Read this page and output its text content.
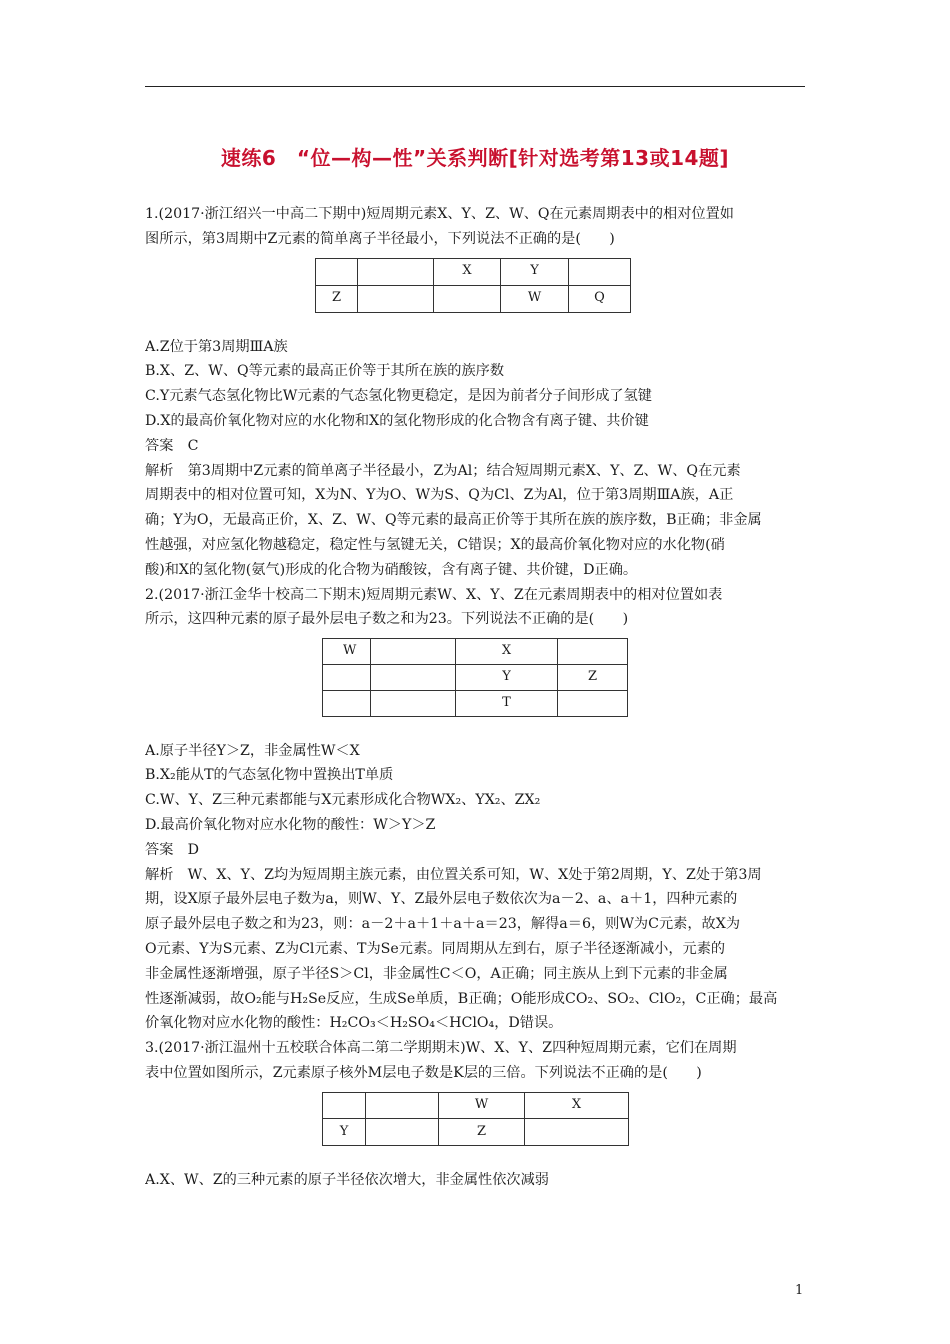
速练6　“位—构—性”关系判断[针对选考第13或14题]

1.(2017·浙江绍兴一中高二下期中)短周期元素X、Y、Z、W、Q在元素周期表中的相对位置如

图所示，第3周期中Z元素的简单离子半径最小，下列说法不正确的是(　　)

		X	Y	
Z			W	Q

A.Z位于第3周期ⅢA族

B.X、Z、W、Q等元素的最高正价等于其所在族的族序数

C.Y元素气态氢化物比W元素的气态氢化物更稳定，是因为前者分子间形成了氢键

D.X的最高价氧化物对应的水化物和X的氢化物形成的化合物含有离子键、共价键

答案　C

解析　第3周期中Z元素的简单离子半径最小，Z为Al；结合短周期元素X、Y、Z、W、Q在元素

周期表中的相对位置可知，X为N、Y为O、W为S、Q为Cl、Z为Al，位于第3周期ⅢA族，A正

确；Y为O，无最高正价，X、Z、W、Q等元素的最高正价等于其所在族的族序数，B正确；非金属

性越强，对应氢化物越稳定，稳定性与氢键无关，C错误；X的最高价氧化物对应的水化物(硝

酸)和X的氢化物(氨气)形成的化合物为硝酸铵，含有离子键、共价键，D正确。

2.(2017·浙江金华十校高二下期末)短周期元素W、X、Y、Z在元素周期表中的相对位置如表

所示，这四种元素的原子最外层电子数之和为23。下列说法不正确的是(　　)

W		X	
		Y	Z
		T	

A.原子半径Y＞Z，非金属性W＜X

B.X₂能从T的气态氢化物中置换出T单质

C.W、Y、Z三种元素都能与X元素形成化合物WX₂、YX₂、ZX₂

D.最高价氧化物对应水化物的酸性：W＞Y＞Z

答案　D

解析　W、X、Y、Z均为短周期主族元素，由位置关系可知，W、X处于第2周期，Y、Z处于第3周

期，设X原子最外层电子数为a，则W、Y、Z最外层电子数依次为a－2、a、a＋1，四种元素的

原子最外层电子数之和为23，则：a－2＋a＋1＋a＋a＝23，解得a＝6，则W为C元素，故X为

O元素、Y为S元素、Z为Cl元素、T为Se元素。同周期从左到右，原子半径逐渐减小，元素的

非金属性逐渐增强，原子半径S＞Cl，非金属性C＜O，A正确；同主族从上到下元素的非金属

性逐渐减弱，故O₂能与H₂Se反应，生成Se单质，B正确；O能形成CO₂、SO₂、ClO₂，C正确；最高

价氧化物对应水化物的酸性：H₂CO₃＜H₂SO₄＜HClO₄，D错误。

3.(2017·浙江温州十五校联合体高二第二学期期末)W、X、Y、Z四种短周期元素，它们在周期

表中位置如图所示，Z元素原子核外M层电子数是K层的三倍。下列说法不正确的是(　　)

		W	X
Y		Z	

A.X、W、Z的三种元素的原子半径依次增大，非金属性依次减弱

1
